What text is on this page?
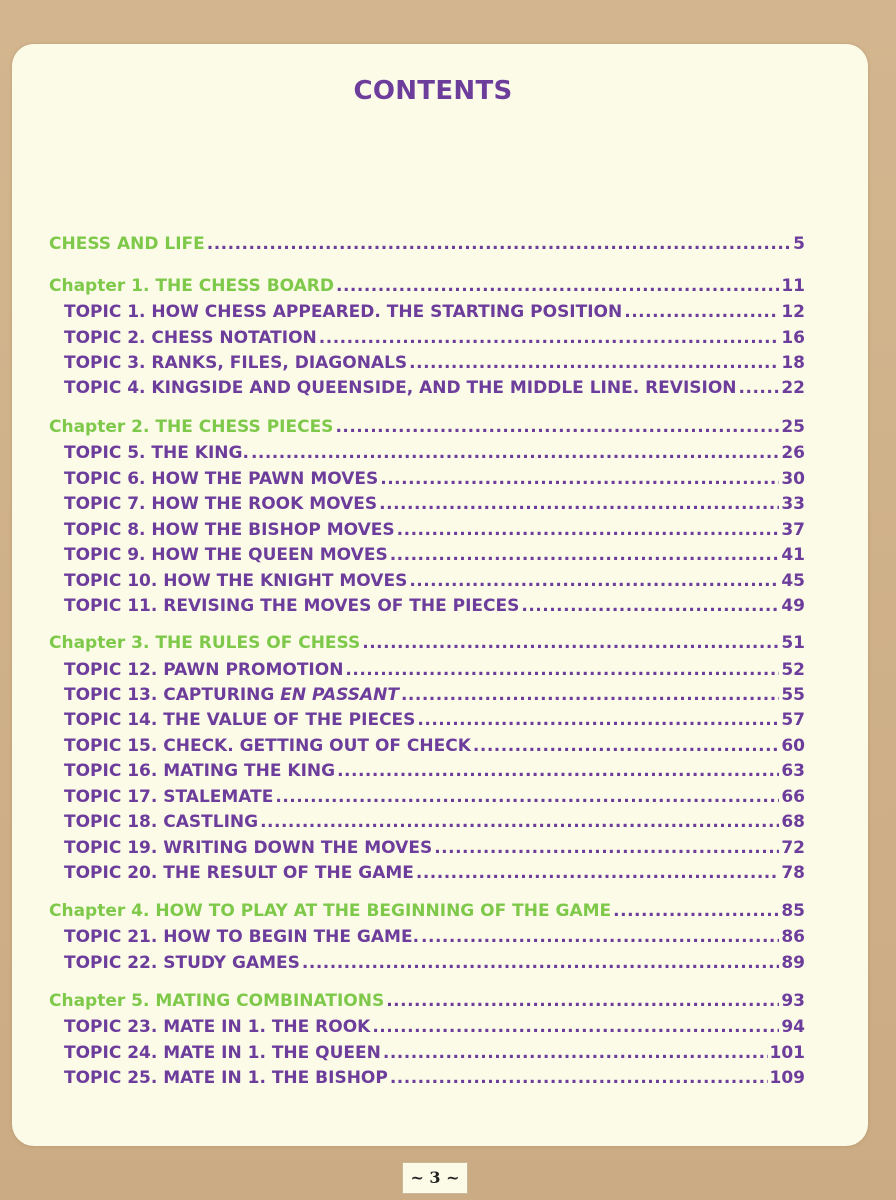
CONTENTS
CHESS AND LIFE .....	5
Chapter 1. THE CHESS BOARD .....	11
TOPIC 1. HOW CHESS APPEARED. THE STARTING POSITION .....	12
TOPIC 2. CHESS NOTATION .....	16
TOPIC 3. RANKS, FILES, DIAGONALS .....	18
TOPIC 4. KINGSIDE AND QUEENSIDE, AND THE MIDDLE LINE. REVISION .....	22
Chapter 2. THE CHESS PIECES .....	25
TOPIC 5. THE KING. .....	26
TOPIC 6. HOW THE PAWN MOVES .....	30
TOPIC 7. HOW THE ROOK MOVES .....	33
TOPIC 8. HOW THE BISHOP MOVES .....	37
TOPIC 9. HOW THE QUEEN MOVES .....	41
TOPIC 10. HOW THE KNIGHT MOVES .....	45
TOPIC 11. REVISING THE MOVES OF THE PIECES .....	49
Chapter 3. THE RULES OF CHESS .....	51
TOPIC 12. PAWN PROMOTION .....	52
TOPIC 13. CAPTURING EN PASSANT .....	55
TOPIC 14. THE VALUE OF THE PIECES .....	57
TOPIC 15. CHECK. GETTING OUT OF CHECK .....	60
TOPIC 16. MATING THE KING .....	63
TOPIC 17. STALEMATE .....	66
TOPIC 18. CASTLING .....	68
TOPIC 19. WRITING DOWN THE MOVES .....	72
TOPIC 20. THE RESULT OF THE GAME .....	78
Chapter 4. HOW TO PLAY AT THE BEGINNING OF THE GAME .....	85
TOPIC 21. HOW TO BEGIN THE GAME. .....	86
TOPIC 22. STUDY GAMES .....	89
Chapter 5. MATING COMBINATIONS .....	93
TOPIC 23. MATE IN 1. THE ROOK .....	94
TOPIC 24. MATE IN 1. THE QUEEN .....	101
TOPIC 25. MATE IN 1. THE BISHOP .....	109
~ 3 ~
